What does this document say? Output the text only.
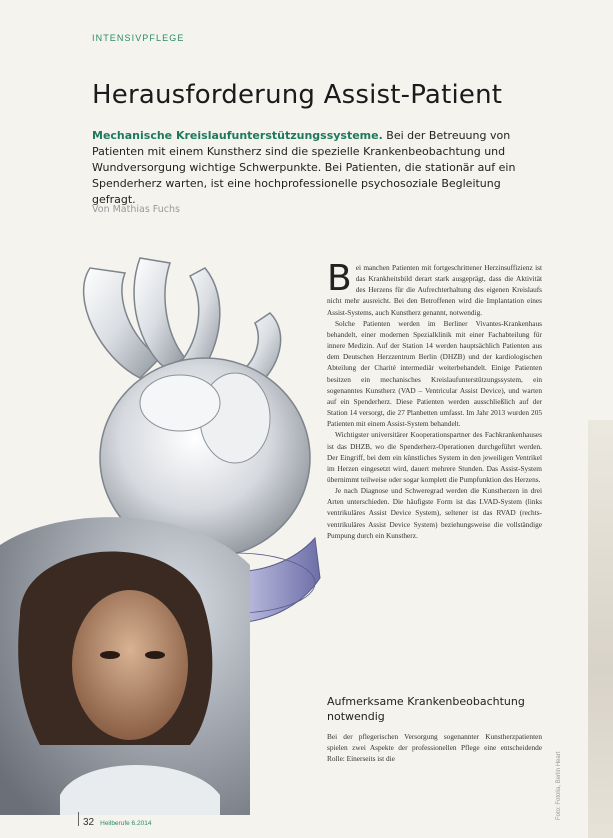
INTENSIVPFLEGE
Herausforderung Assist-Patient
Mechanische Kreislaufunterstützungssysteme. Bei der Betreuung von Patienten mit einem Kunstherz sind die spezielle Krankenbeobachtung und Wundversorgung wichtige Schwerpunkte. Bei Patienten, die stationär auf ein Spenderherz warten, ist eine hochprofessionelle psychosoziale Begleitung gefragt.
Von Mathias Fuchs

Bei manchen Patienten mit fortgeschrittener Herzinsuffizienz ist das Krankheitsbild derart stark ausgeprägt, dass die Aktivität des Herzens für die Aufrechterhaltung des eigenen Kreislaufs nicht mehr ausreicht. Bei den Betroffenen wird die Implantation eines Assist-Systems, auch Kunstherz genannt, notwendig.

Solche Patienten werden im Berliner Vivantes-Krankenhaus behandelt, einer modernen Spezialklinik mit einer Fachabteilung für innere Medizin. Auf der Station 14 werden hauptsächlich Patienten aus dem Deutschen Herzzentrum Berlin (DHZB) und der kardiologischen Abteilung der Charité intermediär weiterbehandelt. Einige Patienten besitzen ein mechanisches Kreislaufunterstützungssystem, ein sogenanntes Kunstherz (VAD – Ventricular Assist Device), und warten auf ein Spenderherz. Diese Patienten werden ausschließlich auf der Station 14 versorgt, die 27 Planbetten umfasst. Im Jahr 2013 wurden 205 Patienten mit einem Assist-System behandelt.

Wichtigster universitärer Kooperationspartner des Fachkrankenhauses ist das DHZB, wo die Spenderherz-Operationen durchgeführt werden. Der Eingriff, bei dem ein künstliches System in den jeweiligen Ventrikel im Herzen eingesetzt wird, dauert mehrere Stunden. Das Assist-System übernimmt teilweise oder sogar komplett die Pumpfunktion des Herzens.

Je nach Diagnose und Schweregrad werden die Kunstherzen in drei Arten unterschieden. Die häufigste Form ist das LVAD-System (links ventrikuläres Assist Device System), seltener ist das RVAD (rechts-ventrikuläres Assist Device System) beziehungsweise die vollständige Pumpung durch ein Kunstherz.

Aufmerksame Krankenbeobachtung notwendig
Bei der pflegerischen Versorgung sogenannter Kunstherzpatienten spielen zwei Aspekte der professionellen Pflege eine entscheidende Rolle: Einerseits ist die	Foto: Fotolia, Berlin Heart
32 Heilberufe 6.2014
